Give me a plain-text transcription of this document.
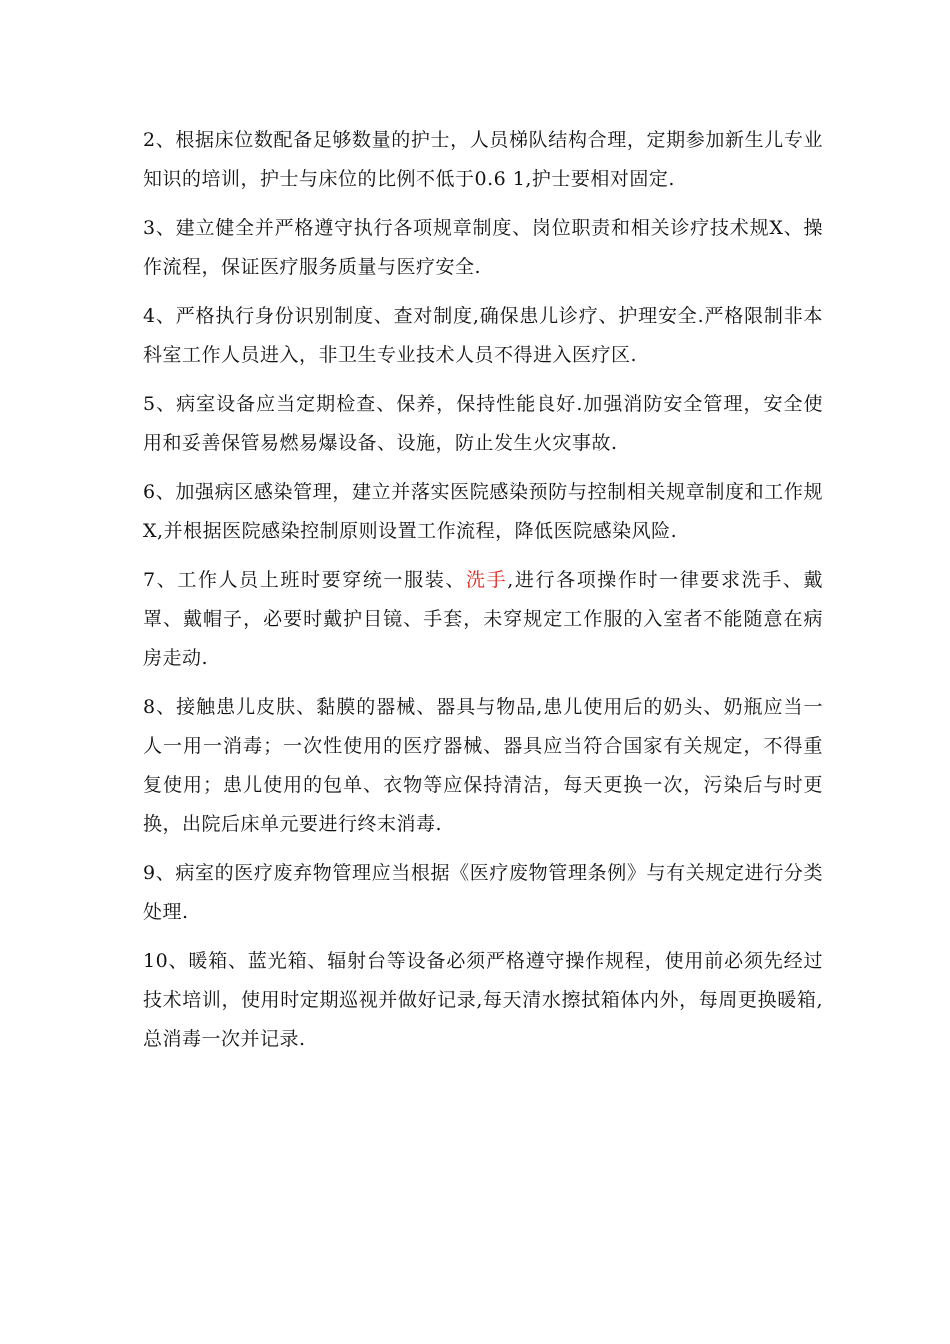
2、根据床位数配备足够数量的护士，人员梯队结构合理，定期参加新生儿专业知识的培训，护士与床位的比例不低于0.6 1,护士要相对固定.

3、建立健全并严格遵守执行各项规章制度、岗位职责和相关诊疗技术规X、操作流程，保证医疗服务质量与医疗安全.

4、严格执行身份识别制度、查对制度,确保患儿诊疗、护理安全.严格限制非本科室工作人员进入，非卫生专业技术人员不得进入医疗区.

5、病室设备应当定期检查、保养，保持性能良好.加强消防安全管理，安全使用和妥善保管易燃易爆设备、设施，防止发生火灾事故.

6、加强病区感染管理，建立并落实医院感染预防与控制相关规章制度和工作规X,并根据医院感染控制原则设置工作流程，降低医院感染风险.

7、工作人员上班时要穿统一服装、洗手,进行各项操作时一律要求洗手、戴罩、戴帽子，必要时戴护目镜、手套，未穿规定工作服的入室者不能随意在病房走动.

8、接触患儿皮肤、黏膜的器械、器具与物品,患儿使用后的奶头、奶瓶应当一人一用一消毒；一次性使用的医疗器械、器具应当符合国家有关规定，不得重复使用；患儿使用的包单、衣物等应保持清洁，每天更换一次，污染后与时更换，出院后床单元要进行终末消毒.

9、病室的医疗废弃物管理应当根据《医疗废物管理条例》与有关规定进行分类处理.

10、暖箱、蓝光箱、辐射台等设备必须严格遵守操作规程，使用前必须先经过技术培训，使用时定期巡视并做好记录,每天清水擦拭箱体内外，每周更换暖箱,总消毒一次并记录.
